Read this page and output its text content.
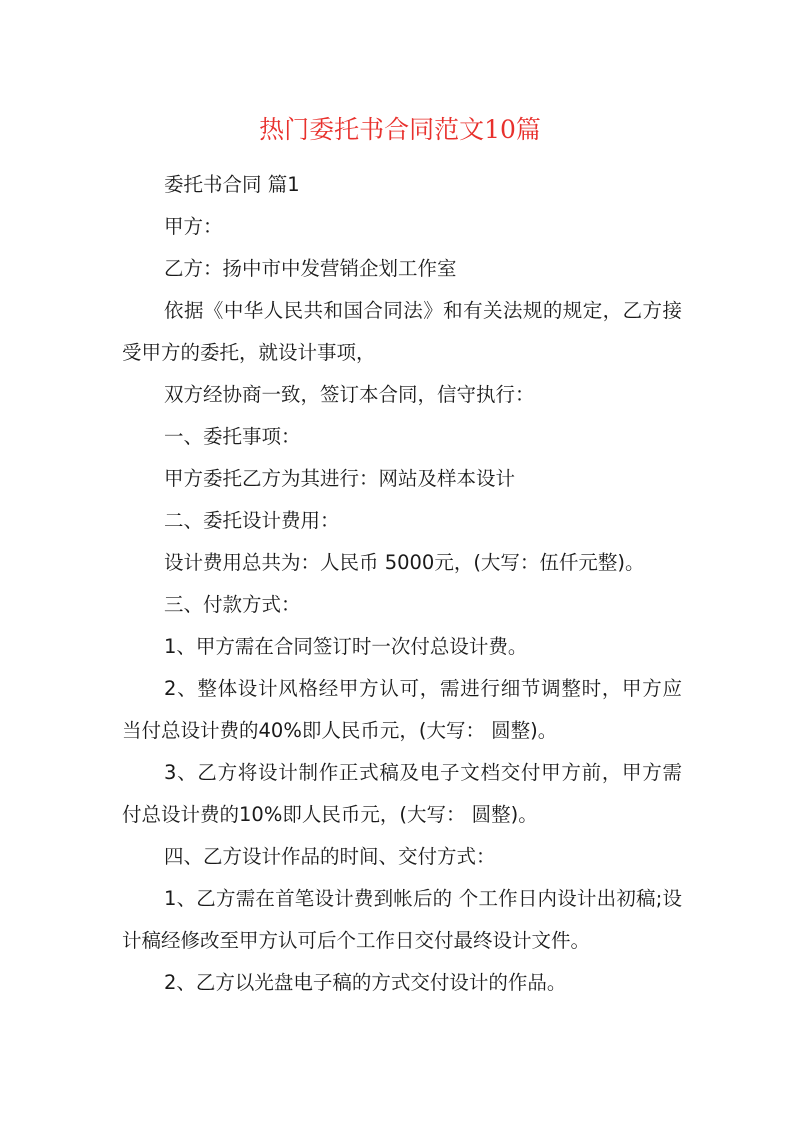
热门委托书合同范文10篇

委托书合同 篇1

甲方：

乙方：扬中市中发营销企划工作室

依据《中华人民共和国合同法》和有关法规的规定，乙方接受甲方的委托，就设计事项，

双方经协商一致，签订本合同，信守执行：

一、委托事项：

甲方委托乙方为其进行：网站及样本设计

二、委托设计费用：

设计费用总共为：人民币 5000元，(大写：伍仟元整)。

三、付款方式：

1、甲方需在合同签订时一次付总设计费。

2、整体设计风格经甲方认可，需进行细节调整时，甲方应当付总设计费的40%即人民币元，(大写： 圆整)。

3、乙方将设计制作正式稿及电子文档交付甲方前，甲方需付总设计费的10%即人民币元，(大写： 圆整)。

四、乙方设计作品的时间、交付方式：

1、乙方需在首笔设计费到帐后的 个工作日内设计出初稿;设计稿经修改至甲方认可后个工作日交付最终设计文件。

2、乙方以光盘电子稿的方式交付设计的作品。
